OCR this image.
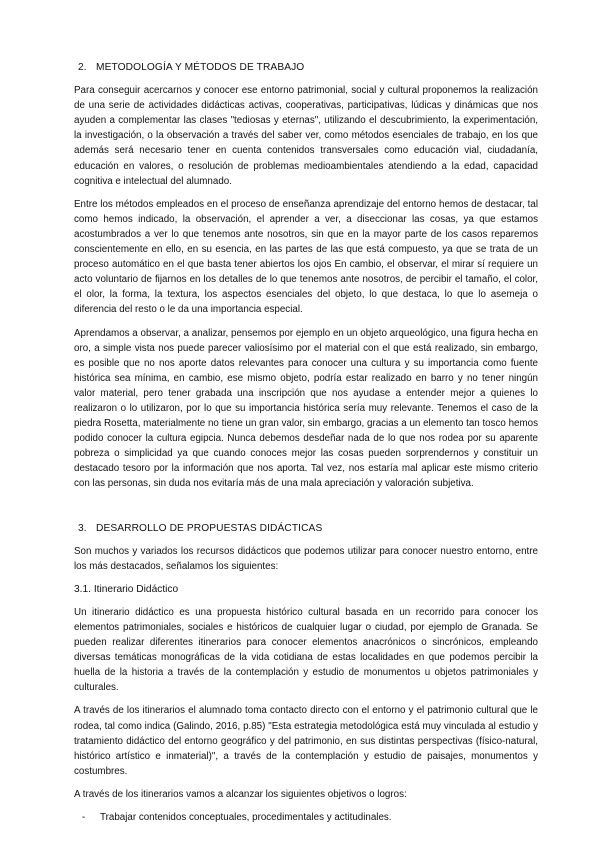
2. METODOLOGÍA Y MÉTODOS DE TRABAJO

Para conseguir acercarnos y conocer ese entorno patrimonial, social y cultural proponemos la realización de una serie de actividades didácticas activas, cooperativas, participativas, lúdicas y dinámicas que nos ayuden a complementar las clases "tediosas y eternas", utilizando el descubrimiento, la experimentación, la investigación, o la observación a través del saber ver, como métodos esenciales de trabajo, en los que además será necesario tener en cuenta contenidos transversales como educación vial, ciudadanía, educación en valores, o resolución de problemas medioambientales atendiendo a la edad, capacidad cognitiva e intelectual del alumnado.

Entre los métodos empleados en el proceso de enseñanza aprendizaje del entorno hemos de destacar, tal como hemos indicado, la observación, el aprender a ver, a diseccionar las cosas, ya que estamos acostumbrados a ver lo que tenemos ante nosotros, sin que en la mayor parte de los casos reparemos conscientemente en ello, en su esencia, en las partes de las que está compuesto, ya que se trata de un proceso automático en el que basta tener abiertos los ojos En cambio, el observar, el mirar sí requiere un acto voluntario de fijarnos en los detalles de lo que tenemos ante nosotros, de percibir el tamaño, el color, el olor, la forma, la textura, los aspectos esenciales del objeto, lo que destaca, lo que lo asemeja o diferencia del resto o le da una importancia especial.

Aprendamos a observar, a analizar, pensemos por ejemplo en un objeto arqueológico, una figura hecha en oro, a simple vista nos puede parecer valiosísimo por el material con el que está realizado, sin embargo, es posible que no nos aporte datos relevantes para conocer una cultura y su importancia como fuente histórica sea mínima, en cambio, ese mismo objeto, podría estar realizado en barro y no tener ningún valor material, pero tener grabada una inscripción que nos ayudase a entender mejor a quienes lo realizaron o lo utilizaron, por lo que su importancia histórica sería muy relevante. Tenemos el caso de la piedra Rosetta, materialmente no tiene un gran valor, sin embargo, gracias a un elemento tan tosco hemos podido conocer la cultura egipcia. Nunca debemos desdeñar nada de lo que nos rodea por su aparente pobreza o simplicidad ya que cuando conoces mejor las cosas pueden sorprendernos y constituir un destacado tesoro por la información que nos aporta. Tal vez, nos estaría mal aplicar este mismo criterio con las personas, sin duda nos evitaría más de una mala apreciación y valoración subjetiva.

3. DESARROLLO DE PROPUESTAS DIDÁCTICAS

Son muchos y variados los recursos didácticos que podemos utilizar para conocer nuestro entorno, entre los más destacados, señalamos los siguientes:

3.1. Itinerario Didáctico

Un itinerario didáctico es una propuesta histórico cultural basada en un recorrido para conocer los elementos patrimoniales, sociales e históricos de cualquier lugar o ciudad, por ejemplo de Granada. Se pueden realizar diferentes itinerarios para conocer elementos anacrónicos o sincrónicos, empleando diversas temáticas monográficas de la vida cotidiana de estas localidades en que podemos percibir la huella de la historia a través de la contemplación y estudio de monumentos u objetos patrimoniales y culturales.

A través de los itinerarios el alumnado toma contacto directo con el entorno y el patrimonio cultural que le rodea, tal como indica (Galindo, 2016, p.85) "Esta estrategia metodológica está muy vinculada al estudio y tratamiento didáctico del entorno geográfico y del patrimonio, en sus distintas perspectivas (físico-natural, histórico artístico e inmaterial)", a través de la contemplación y estudio de paisajes, monumentos y costumbres.

A través de los itinerarios vamos a alcanzar los siguientes objetivos o logros:

- Trabajar contenidos conceptuales, procedimentales y actitudinales.
